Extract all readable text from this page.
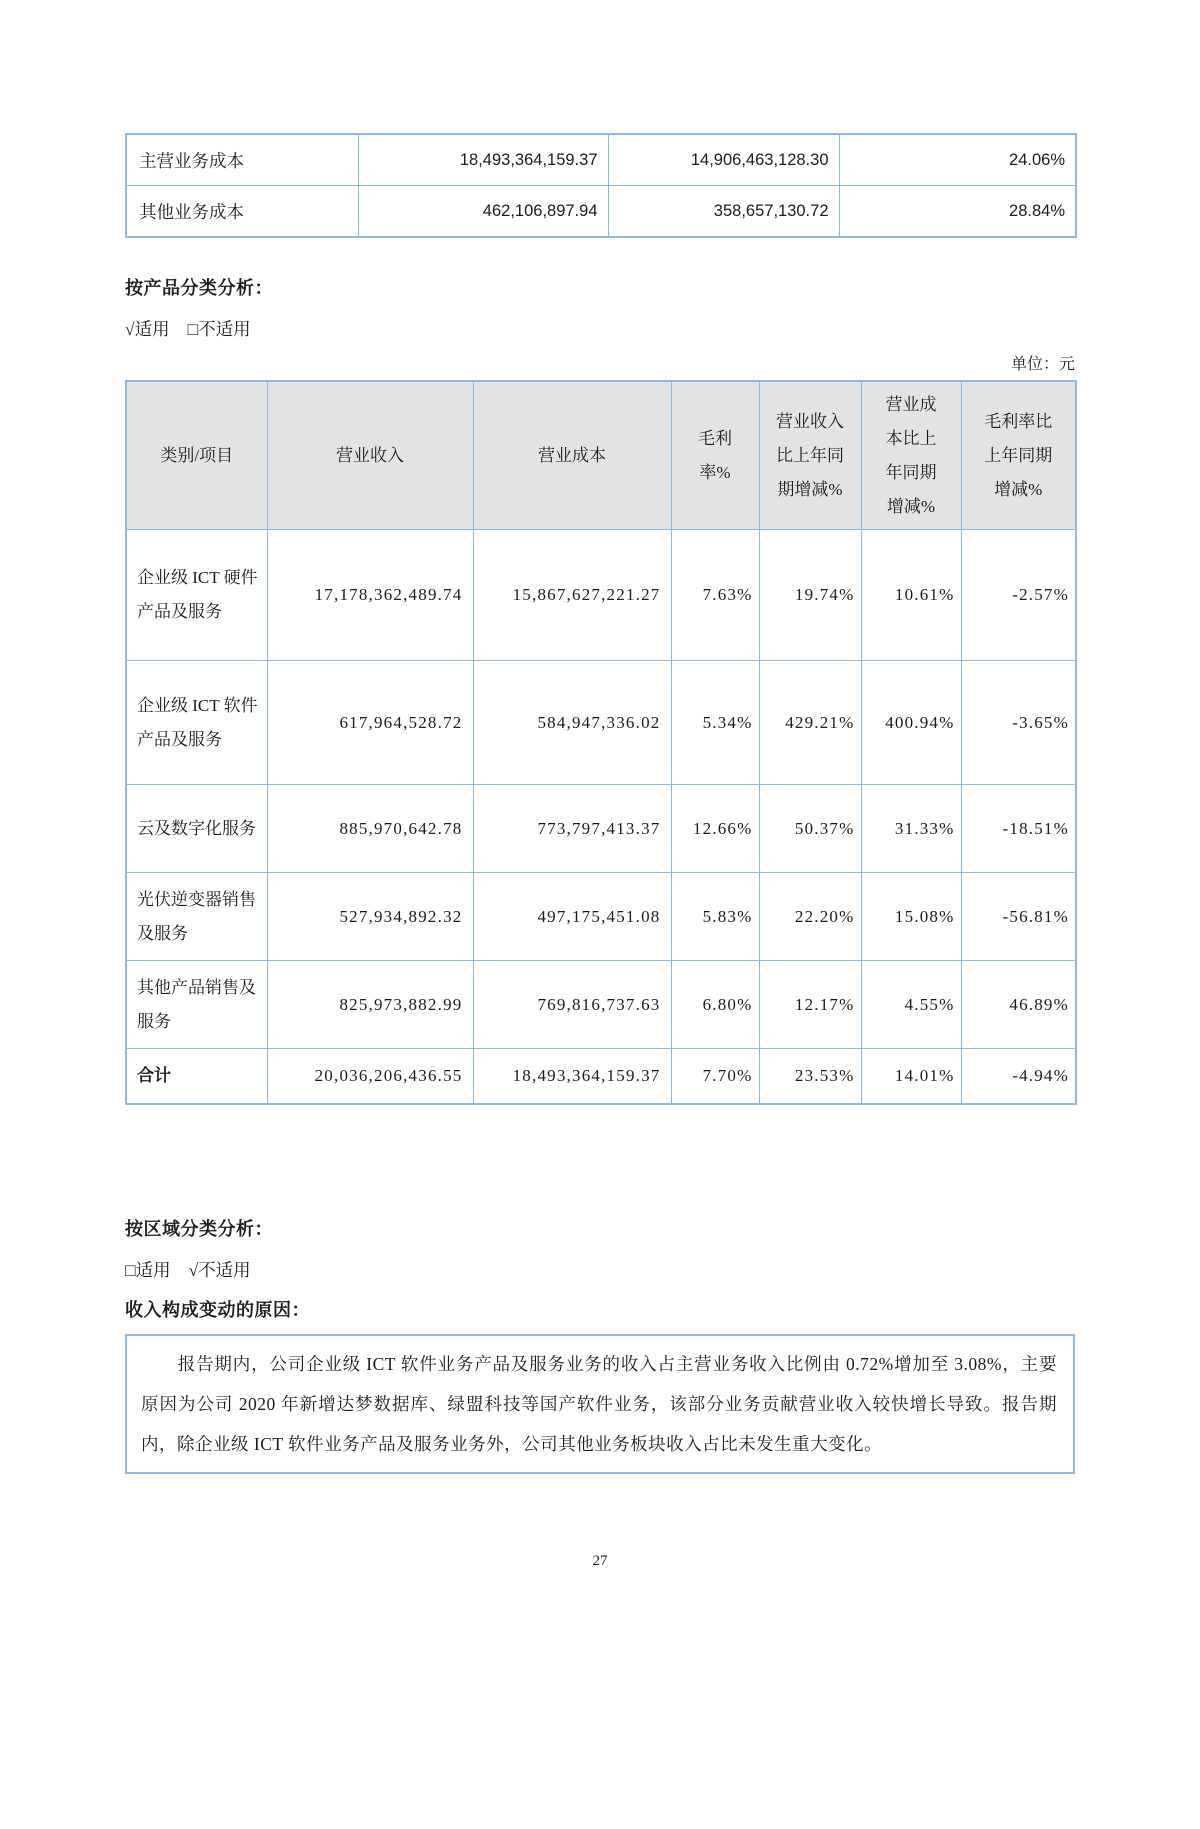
主营业务成本	18,493,364,159.37	14,906,463,128.30	24.06%
其他业务成本	462,106,897.94	358,657,130.72	28.84%
按产品分类分析：
√适用 □不适用
单位：元
类别/项目	营业收入	营业成本	毛利率%	营业收入比上年同期增减%	营业成本比上年同期增减%	毛利率比上年同期增减%
企业级 ICT 硬件产品及服务	17,178,362,489.74	15,867,627,221.27	7.63%	19.74%	10.61%	-2.57%
企业级 ICT 软件产品及服务	617,964,528.72	584,947,336.02	5.34%	429.21%	400.94%	-3.65%
云及数字化服务	885,970,642.78	773,797,413.37	12.66%	50.37%	31.33%	-18.51%
光伏逆变器销售及服务	527,934,892.32	497,175,451.08	5.83%	22.20%	15.08%	-56.81%
其他产品销售及服务	825,973,882.99	769,816,737.63	6.80%	12.17%	4.55%	46.89%
合计	20,036,206,436.55	18,493,364,159.37	7.70%	23.53%	14.01%	-4.94%
按区域分类分析：
□适用 √不适用
收入构成变动的原因：

报告期内，公司企业级 ICT 软件业务产品及服务业务的收入占主营业务收入比例由 0.72%增加至 3.08%，主要原因为公司 2020 年新增达梦数据库、绿盟科技等国产软件业务，该部分业务贡献营业收入较快增长导致。报告期内，除企业级 ICT 软件业务产品及服务业务外，公司其他业务板块收入占比未发生重大变化。

27
